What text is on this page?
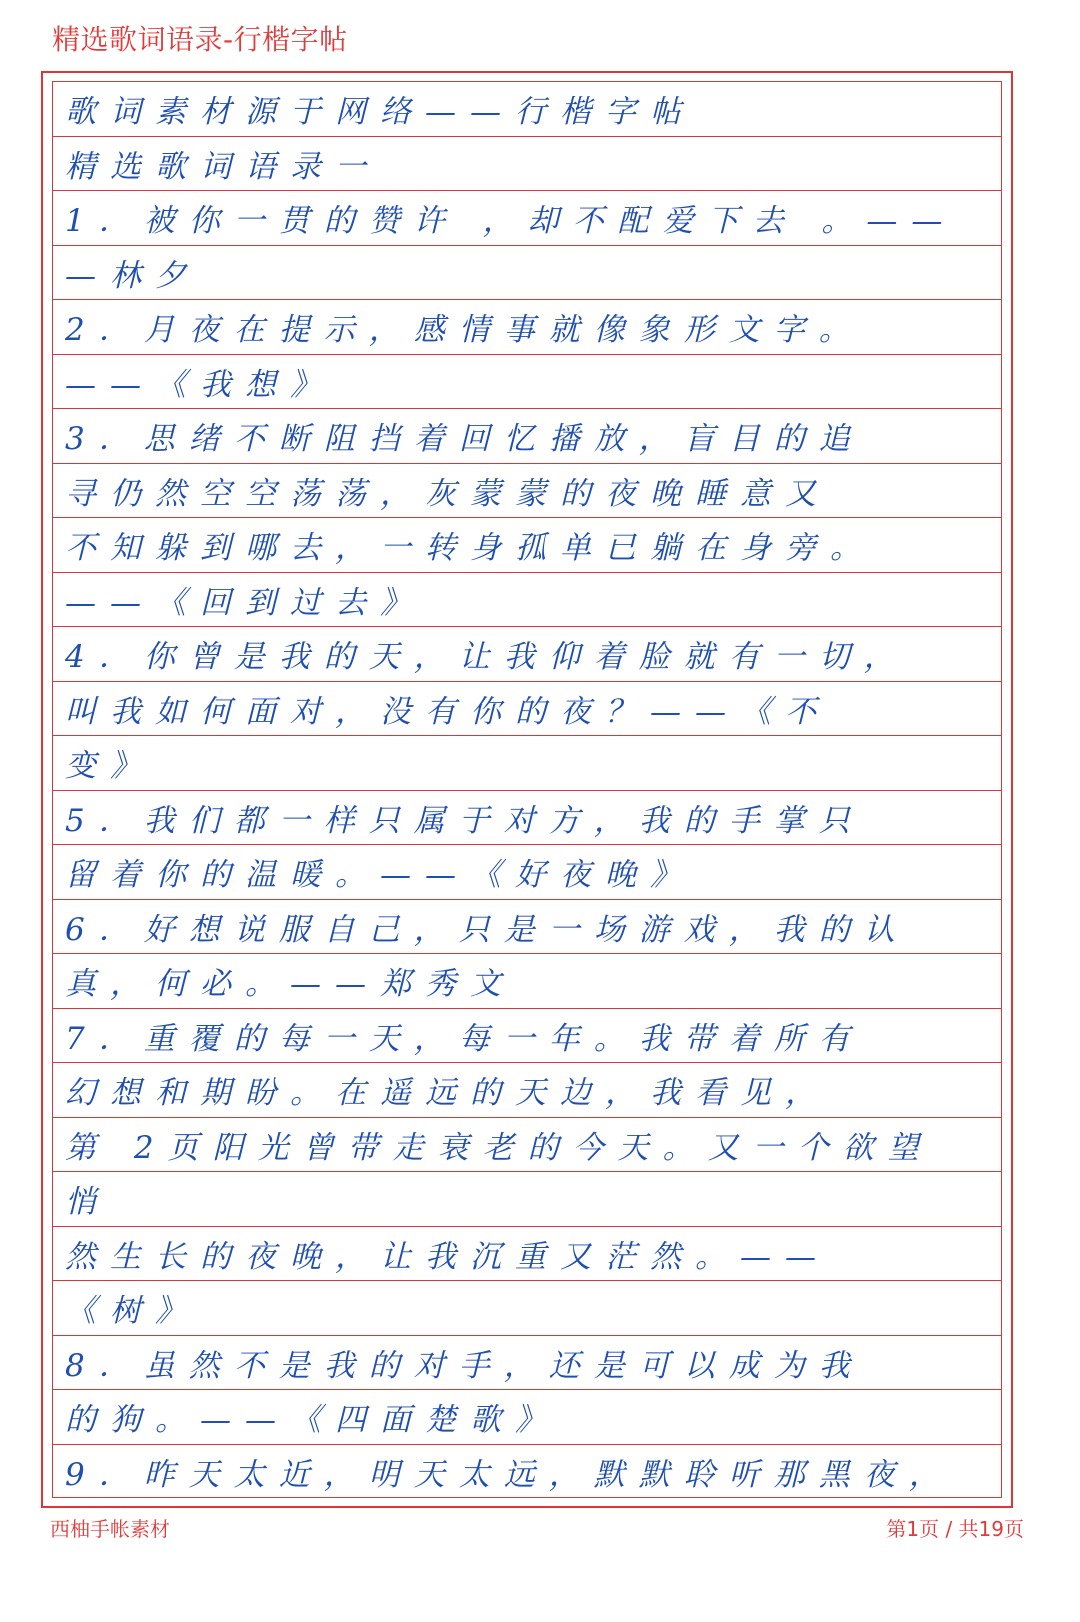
精选歌词语录-行楷字帖
歌词素材源于网络——行楷字帖
精选歌词语录一
1．被你一贯的赞许 ，却不配爱下去 。——
—林夕
2．月夜在提示，感情事就像象形文字。
——《我想》
3．思绪不断阻挡着回忆播放，盲目的追
寻仍然空空荡荡，灰蒙蒙的夜晚睡意又
不知躲到哪去，一转身孤单已躺在身旁。
——《回到过去》
4．你曾是我的天，让我仰着脸就有一切，
叫我如何面对，没有你的夜？——《不
变》
5．我们都一样只属于对方，我的手掌只
留着你的温暖。——《好夜晚》
6．好想说服自己，只是一场游戏，我的认
真，何必。——郑秀文
7．重覆的每一天，每一年。我带着所有
幻想和期盼。在遥远的天边，我看见，
第 2页阳光曾带走衰老的今天。又一个欲望
悄
然生长的夜晚，让我沉重又茫然。——
《树》
8．虽然不是我的对手，还是可以成为我
的狗。——《四面楚歌》
9．昨天太近，明天太远，默默聆听那黑夜，
西柚手帐素材	第1页 / 共19页
